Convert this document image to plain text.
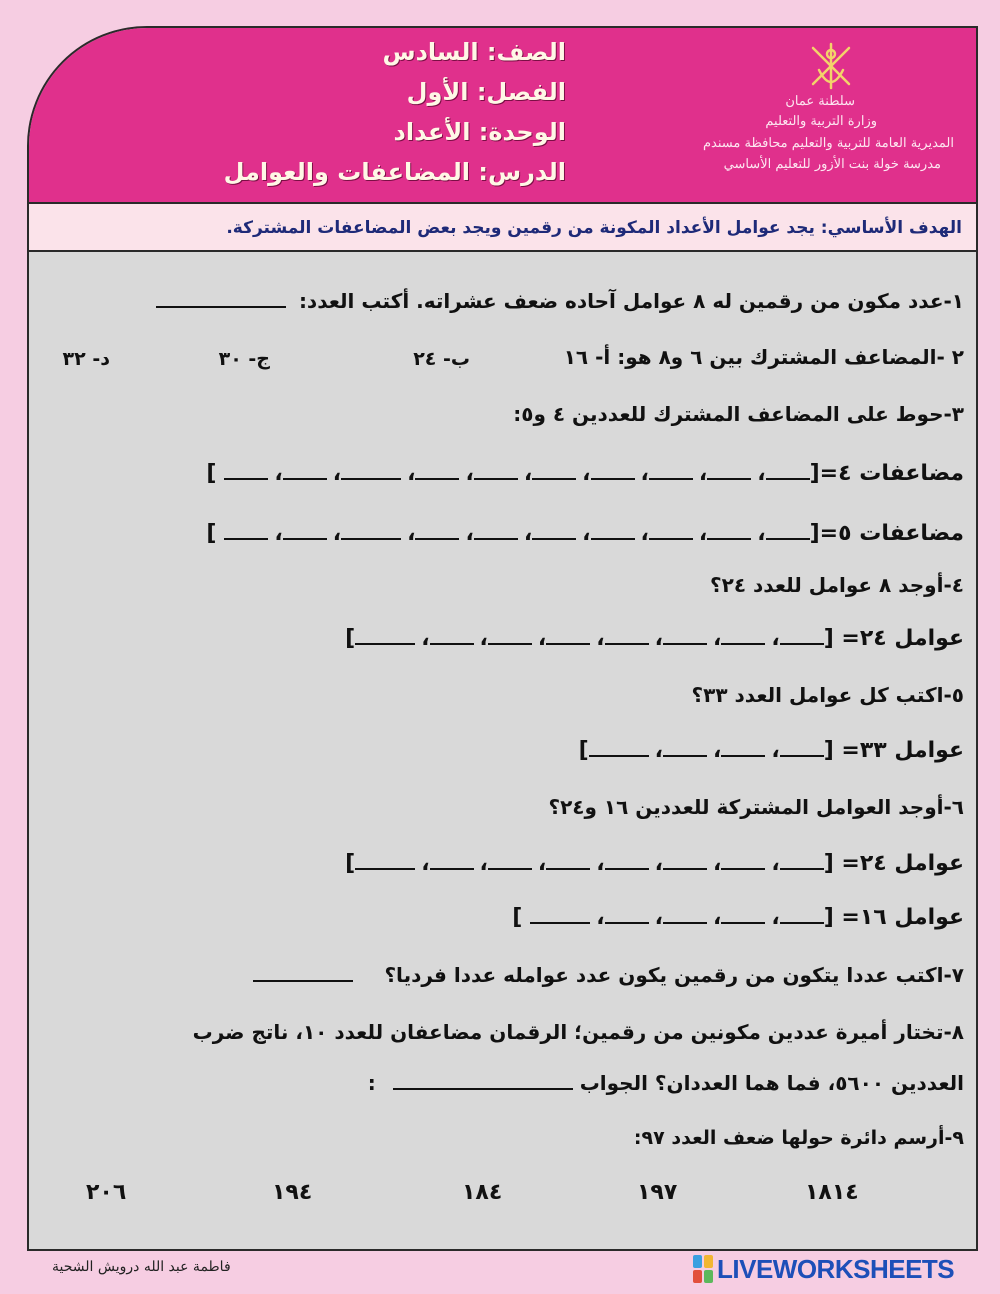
الصف: السادس
الفصل: الأول
الوحدة: الأعداد
الدرس: المضاعفات والعوامل
سلطنة عمان
وزارة التربية والتعليم
المديرية العامة للتربية والتعليم محافظة مسندم
مدرسة خولة بنت الأزور للتعليم الأساسي
الهدف الأساسي: يجد عوامل الأعداد المكونة من رقمين ويجد بعض المضاعفات المشتركة.
١-عدد مكون من رقمين له ٨ عوامل آحاده ضعف عشراته. أكتب العدد:
٢ -المضاعف المشترك بين ٦ و٨ هو: أ- ١٦
ب- ٢٤
ج- ٣٠
د- ٣٢
٣-حوط على المضاعف المشترك للعددين ٤ و٥:
مضاعفات ٤=[،،،،،،،،،]
مضاعفات ٥=[،،،،،،،،،]
٤-أوجد ٨ عوامل للعدد ٢٤؟
عوامل ٢٤= [،،،،،،،]
٥-اكتب كل عوامل العدد ٣٣؟
عوامل ٣٣= [،،،]
٦-أوجد العوامل المشتركة للعددين ١٦ و٢٤؟
عوامل ٢٤= [،،،،،،،]
عوامل ١٦= [،،،،]
٧-اكتب عددا يتكون من رقمين يكون عدد عوامله عددا فرديا؟
٨-تختار أميرة عددين مكونين من رقمين؛ الرقمان مضاعفان للعدد ١٠، ناتج ضرب
العددين ٥٦٠٠، فما هما العددان؟ الجواب  :
٩-أرسم دائرة حولها ضعف العدد ٩٧:
١٨١٤
١٩٧
١٨٤
١٩٤
٢٠٦
فاطمة عبد الله درويش الشحية	LIVEWORKSHEETS
